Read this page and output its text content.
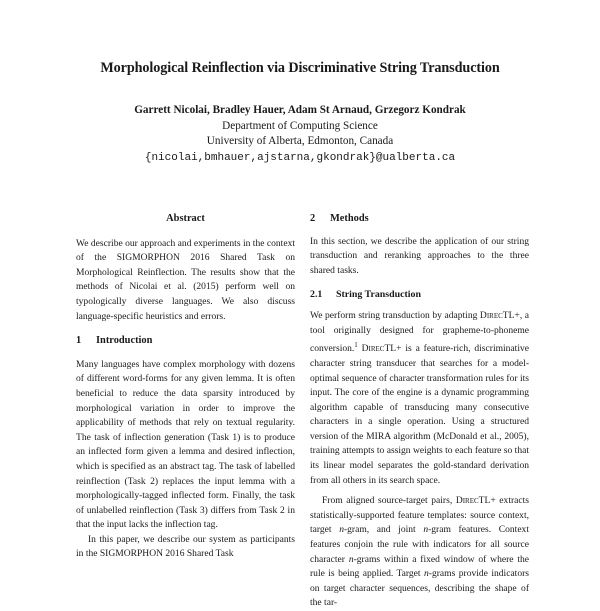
Morphological Reinflection via Discriminative String Transduction
Garrett Nicolai, Bradley Hauer, Adam St Arnaud, Grzegorz Kondrak
Department of Computing Science
University of Alberta, Edmonton, Canada
{nicolai,bmhauer,ajstarna,gkondrak}@ualberta.ca
Abstract

We describe our approach and experiments in the context of the SIGMORPHON 2016 Shared Task on Morphological Reinflection. The results show that the methods of Nicolai et al. (2015) perform well on typologically diverse languages. We also discuss language-specific heuristics and errors.

1 Introduction

Many languages have complex morphology with dozens of different word-forms for any given lemma. It is often beneficial to reduce the data sparsity introduced by morphological variation in order to improve the applicability of methods that rely on textual regularity. The task of inflection generation (Task 1) is to produce an inflected form given a lemma and desired inflection, which is specified as an abstract tag. The task of labelled reinflection (Task 2) replaces the input lemma with a morphologically-tagged inflected form. Finally, the task of unlabelled reinflection (Task 3) differs from Task 2 in that the input lacks the inflection tag.

In this paper, we describe our system as participants in the SIGMORPHON 2016 Shared Task

2 Methods

In this section, we describe the application of our string transduction and reranking approaches to the three shared tasks.

2.1 String Transduction

We perform string transduction by adapting DirecTL+, a tool originally designed for grapheme-to-phoneme conversion.$^1$ DirecTL+ is a feature-rich, discriminative character string transducer that searches for a model-optimal sequence of character transformation rules for its input. The core of the engine is a dynamic programming algorithm capable of transducing many consecutive characters in a single operation. Using a structured version of the MIRA algorithm (McDonald et al., 2005), training attempts to assign weights to each feature so that its linear model separates the gold-standard derivation from all others in its search space.

From aligned source-target pairs, DirecTL+ extracts statistically-supported feature templates: source context, target n-gram, and joint n-gram features. Context features conjoin the rule with indicators for all source character n-grams within a fixed window of where the rule is being applied. Target n-grams provide indicators on target character sequences, describing the shape of the tar-
